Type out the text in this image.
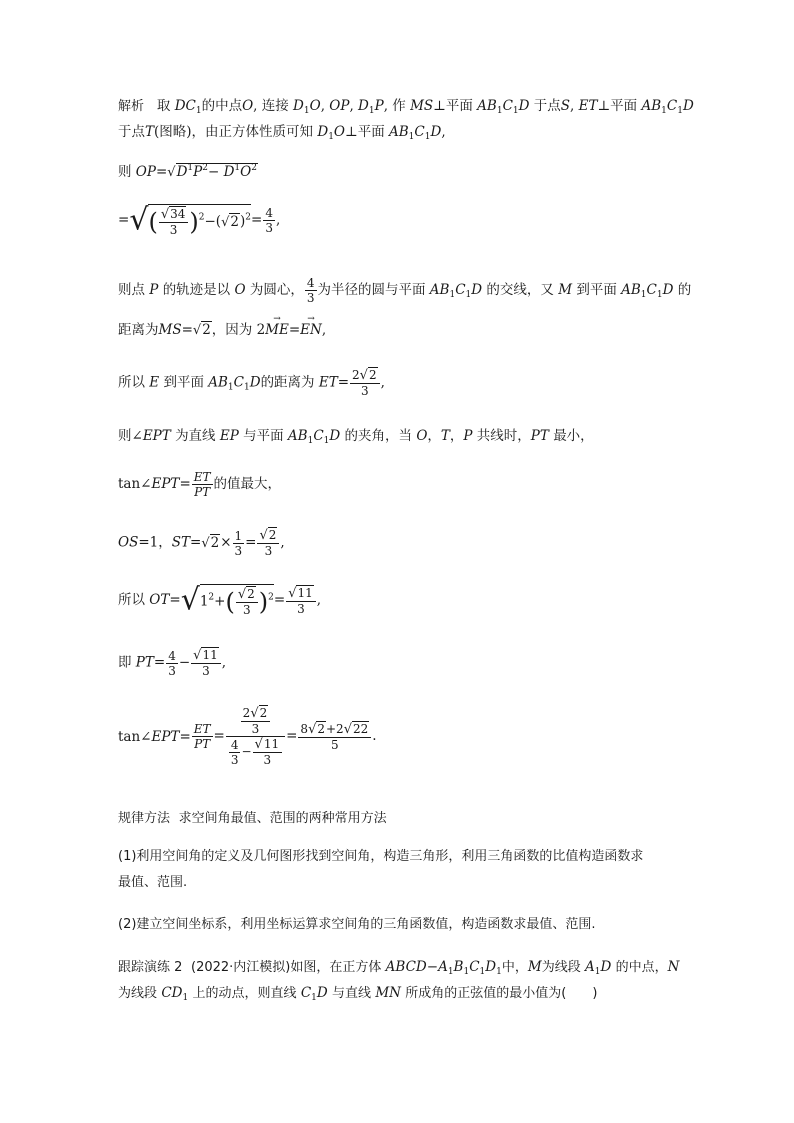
解析 取 $DC_1$的中点O, 连接 $D_1O$, OP, $D_1P$, 作 MS⊥平面 $AB_1C_1D$ 于点S, ET⊥平面 $AB_1C_1D$
于点T(图略)，由正方体性质可知 $D_1O\perp$平面 $AB_1C_1D$,
则 $OP=√D^1P^2- D^1O^2$
=√( $\frac{√34}{3} )^2-(√2)^2= \frac{4}{3}$ ,
则点 P 的轨迹是以 O 为圆心， $\frac{4}{3}$ 为半径的圆与平面 $AB_1C_1D$ 的交线，又 M 到平面 $AB_1C_1D$ 的
距离为MS=√2，因为 2→ ME=→ EN,
所以 E 到平面 $AB_1C_1D$的距离为 $ET= \frac{2√2}{3}$ ,
则∠EPT 为直线 EP 与平面 $AB_1C_1D$ 的夹角，当 O，T，P 共线时，PT 最小，
tan∠EPT= $\frac{ET}{PT}$ 的值最大，
OS=1，$ST=√2\times \frac{1}{3} = \frac{√2}{3}$ ,
所以 $OT=√1^2+( \frac{√2}{3} )^2= \frac{√11}{3}$ ,
即 $PT= \frac{4}{3} - \frac{√11}{3}$ ,
tan∠EPT= $\frac{ET}{PT} = \frac{\frac{2√2}{3}}{\frac{4}{3} - \frac{√11}{3}} = \frac{8√2+2√22}{5}$ .
规律方法 求空间角最值、范围的两种常用方法
(1)利用空间角的定义及几何图形找到空间角，构造三角形，利用三角函数的比值构造函数求
最值、范围.
(2)建立空间坐标系，利用坐标运算求空间角的三角函数值，构造函数求最值、范围.
跟踪演练 2 (2022·内江模拟)如图，在正方体 $ABCD-A_1B_1C_1D_1$中，M为线段 $A_1D$ 的中点，N
为线段 $CD_1$ 上的动点，则直线 $C_1D$ 与直线 MN 所成角的正弦值的最小值为(　　)
